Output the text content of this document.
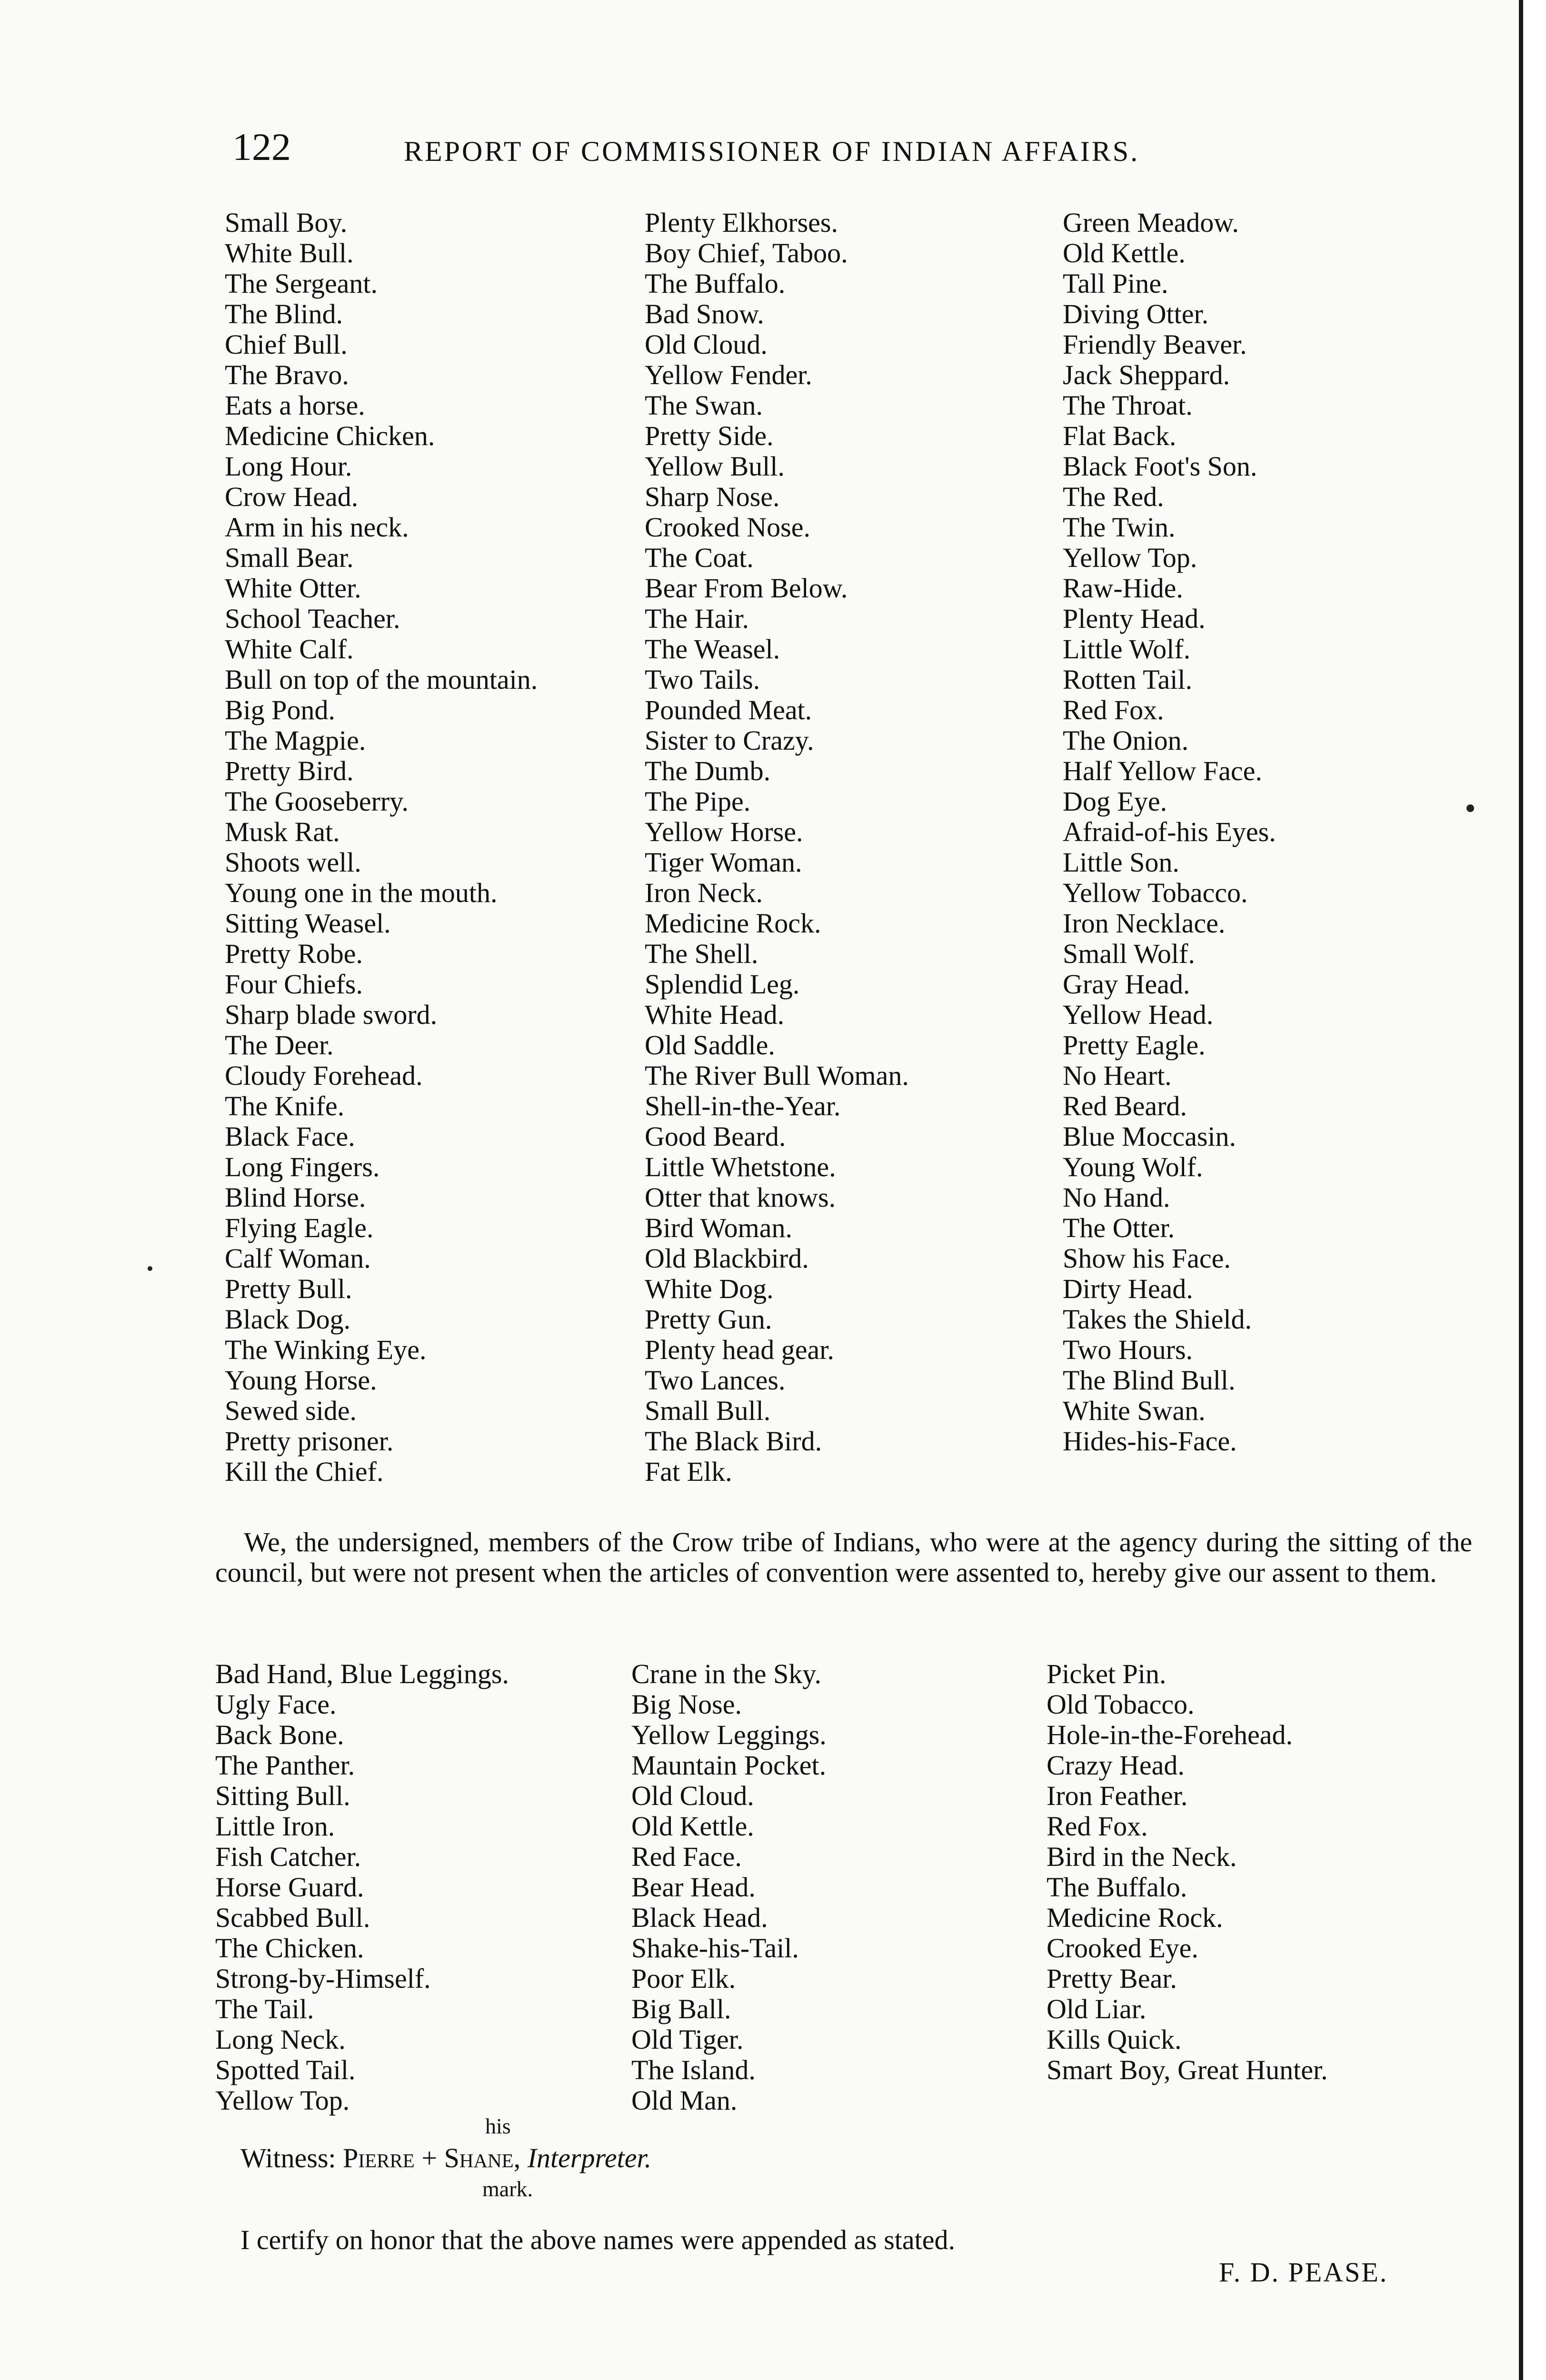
122	REPORT OF COMMISSIONER OF INDIAN AFFAIRS.
Small Boy.
White Bull.
The Sergeant.
The Blind.
Chief Bull.
The Bravo.
Eats a horse.
Medicine Chicken.
Long Hour.
Crow Head.
Arm in his neck.
Small Bear.
White Otter.
School Teacher.
White Calf.
Bull on top of the mountain.
Big Pond.
The Magpie.
Pretty Bird.
The Gooseberry.
Musk Rat.
Shoots well.
Young one in the mouth.
Sitting Weasel.
Pretty Robe.
Four Chiefs.
Sharp blade sword.
The Deer.
Cloudy Forehead.
The Knife.
Black Face.
Long Fingers.
Blind Horse.
Flying Eagle.
Calf Woman.
Pretty Bull.
Black Dog.
The Winking Eye.
Young Horse.
Sewed side.
Pretty prisoner.
Kill the Chief.
Plenty Elkhorses.
Boy Chief, Taboo.
The Buffalo.
Bad Snow.
Old Cloud.
Yellow Fender.
The Swan.
Pretty Side.
Yellow Bull.
Sharp Nose.
Crooked Nose.
The Coat.
Bear From Below.
The Hair.
The Weasel.
Two Tails.
Pounded Meat.
Sister to Crazy.
The Dumb.
The Pipe.
Yellow Horse.
Tiger Woman.
Iron Neck.
Medicine Rock.
The Shell.
Splendid Leg.
White Head.
Old Saddle.
The River Bull Woman.
Shell-in-the-Year.
Good Beard.
Little Whetstone.
Otter that knows.
Bird Woman.
Old Blackbird.
White Dog.
Pretty Gun.
Plenty head gear.
Two Lances.
Small Bull.
The Black Bird.
Fat Elk.
Green Meadow.
Old Kettle.
Tall Pine.
Diving Otter.
Friendly Beaver.
Jack Sheppard.
The Throat.
Flat Back.
Black Foot's Son.
The Red.
The Twin.
Yellow Top.
Raw-Hide.
Plenty Head.
Little Wolf.
Rotten Tail.
Red Fox.
The Onion.
Half Yellow Face.
Dog Eye.
Afraid-of-his Eyes.
Little Son.
Yellow Tobacco.
Iron Necklace.
Small Wolf.
Gray Head.
Yellow Head.
Pretty Eagle.
No Heart.
Red Beard.
Blue Moccasin.
Young Wolf.
No Hand.
The Otter.
Show his Face.
Dirty Head.
Takes the Shield.
Two Hours.
The Blind Bull.
White Swan.
Hides-his-Face.
We, the undersigned, members of the Crow tribe of Indians, who were at the agency during the sitting of the council, but were not present when the articles of convention were assented to, hereby give our assent to them.
Bad Hand, Blue Leggings.
Ugly Face.
Back Bone.
The Panther.
Sitting Bull.
Little Iron.
Fish Catcher.
Horse Guard.
Scabbed Bull.
The Chicken.
Strong-by-Himself.
The Tail.
Long Neck.
Spotted Tail.
Yellow Top.
Crane in the Sky.
Big Nose.
Yellow Leggings.
Mauntain Pocket.
Old Cloud.
Old Kettle.
Red Face.
Bear Head.
Black Head.
Shake-his-Tail.
Poor Elk.
Big Ball.
Old Tiger.
The Island.
Old Man.
Picket Pin.
Old Tobacco.
Hole-in-the-Forehead.
Crazy Head.
Iron Feather.
Red Fox.
Bird in the Neck.
The Buffalo.
Medicine Rock.
Crooked Eye.
Pretty Bear.
Old Liar.
Kills Quick.
Smart Boy, Great Hunter.
his
Witness: Pierre + Shane, Interpreter.
mark.
I certify on honor that the above names were appended as stated.
F. D. PEASE.
